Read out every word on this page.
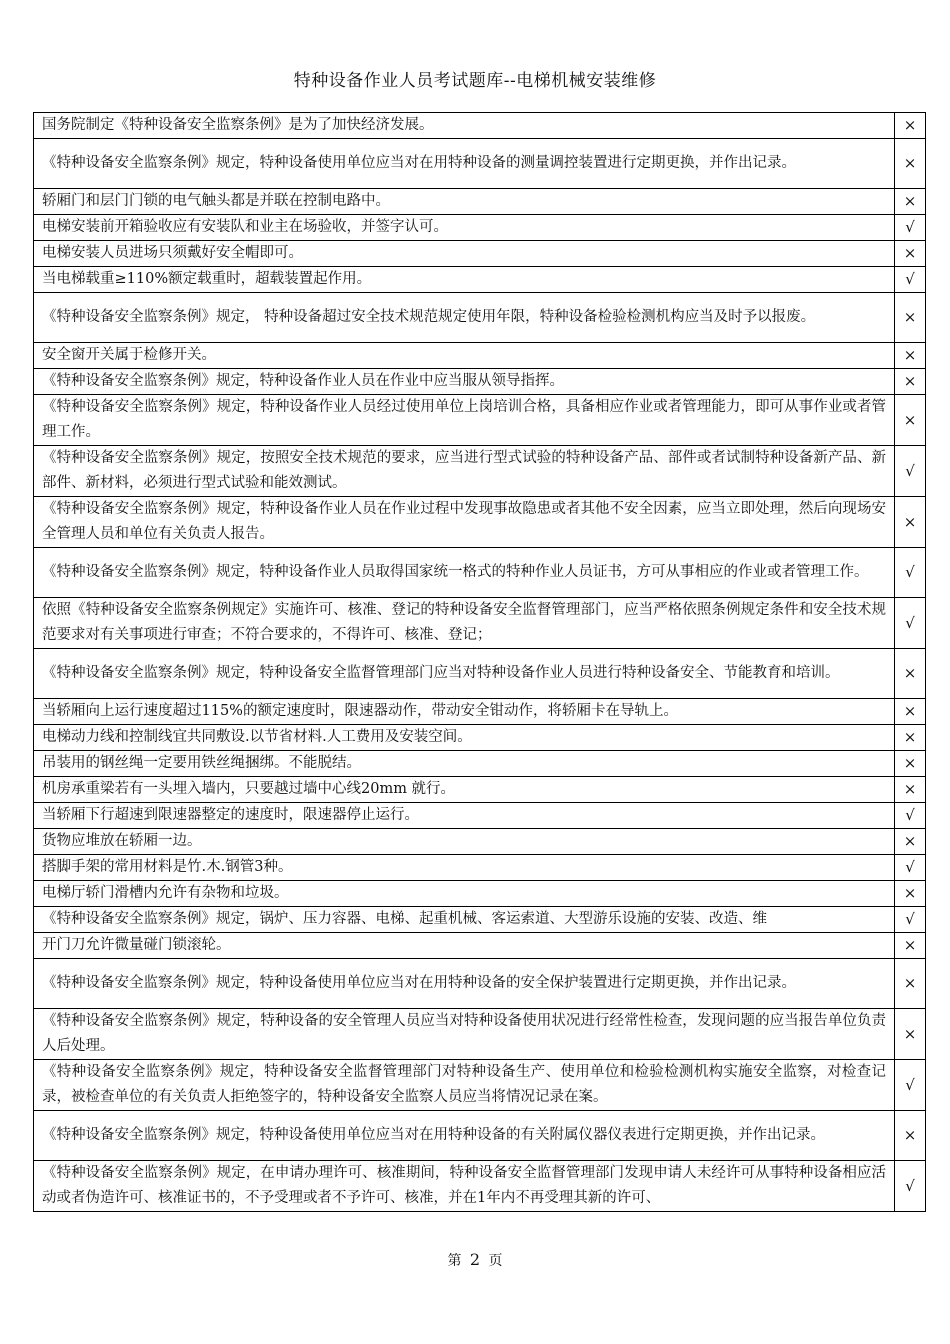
特种设备作业人员考试题库--电梯机械安装维修
国务院制定《特种设备安全监察条例》是为了加快经济发展。	×
《特种设备安全监察条例》规定，特种设备使用单位应当对在用特种设备的测量调控装置进行定期更换，并作出记录。	×
轿厢门和层门门锁的电气触头都是并联在控制电路中。	×
电梯安装前开箱验收应有安装队和业主在场验收，并签字认可。	√
电梯安装人员进场只须戴好安全帽即可。	×
当电梯载重≥110%额定载重时，超载装置起作用。	√
《特种设备安全监察条例》规定， 特种设备超过安全技术规范规定使用年限，特种设备检验检测机构应当及时予以报废。	×
安全窗开关属于检修开关。	×
《特种设备安全监察条例》规定，特种设备作业人员在作业中应当服从领导指挥。	×
《特种设备安全监察条例》规定，特种设备作业人员经过使用单位上岗培训合格，具备相应作业或者管理能力，即可从事作业或者管理工作。	×
《特种设备安全监察条例》规定，按照安全技术规范的要求，应当进行型式试验的特种设备产品、部件或者试制特种设备新产品、新部件、新材料，必须进行型式试验和能效测试。	√
《特种设备安全监察条例》规定，特种设备作业人员在作业过程中发现事故隐患或者其他不安全因素，应当立即处理，然后向现场安全管理人员和单位有关负责人报告。	×
《特种设备安全监察条例》规定，特种设备作业人员取得国家统一格式的特种作业人员证书，方可从事相应的作业或者管理工作。	√
依照《特种设备安全监察条例规定》实施许可、核准、登记的特种设备安全监督管理部门，应当严格依照条例规定条件和安全技术规范要求对有关事项进行审查；不符合要求的，不得许可、核准、登记；	√
《特种设备安全监察条例》规定，特种设备安全监督管理部门应当对特种设备作业人员进行特种设备安全、节能教育和培训。	×
当轿厢向上运行速度超过115%的额定速度时，限速器动作，带动安全钳动作，将轿厢卡在导轨上。	×
电梯动力线和控制线宜共同敷设.以节省材料.人工费用及安装空间。	×
吊装用的钢丝绳一定要用铁丝绳捆绑。不能脱结。	×
机房承重梁若有一头埋入墙内，只要越过墙中心线20mm 就行。	×
当轿厢下行超速到限速器整定的速度时，限速器停止运行。	√
货物应堆放在轿厢一边。	×
搭脚手架的常用材料是竹.木.钢管3种。	√
电梯厅轿门滑槽内允许有杂物和垃圾。	×
《特种设备安全监察条例》规定，锅炉、压力容器、电梯、起重机械、客运索道、大型游乐设施的安装、改造、维	√
开门刀允许微量碰门锁滚轮。	×
《特种设备安全监察条例》规定，特种设备使用单位应当对在用特种设备的安全保护装置进行定期更换，并作出记录。	×
《特种设备安全监察条例》规定，特种设备的安全管理人员应当对特种设备使用状况进行经常性检查，发现问题的应当报告单位负责人后处理。	×
《特种设备安全监察条例》规定，特种设备安全监督管理部门对特种设备生产、使用单位和检验检测机构实施安全监察，对检查记录，被检查单位的有关负责人拒绝签字的，特种设备安全监察人员应当将情况记录在案。	√
《特种设备安全监察条例》规定，特种设备使用单位应当对在用特种设备的有关附属仪器仪表进行定期更换，并作出记录。	×
《特种设备安全监察条例》规定，在申请办理许可、核准期间，特种设备安全监督管理部门发现申请人未经许可从事特种设备相应活动或者伪造许可、核准证书的，不予受理或者不予许可、核准，并在1年内不再受理其新的许可、	√
第 2 页
